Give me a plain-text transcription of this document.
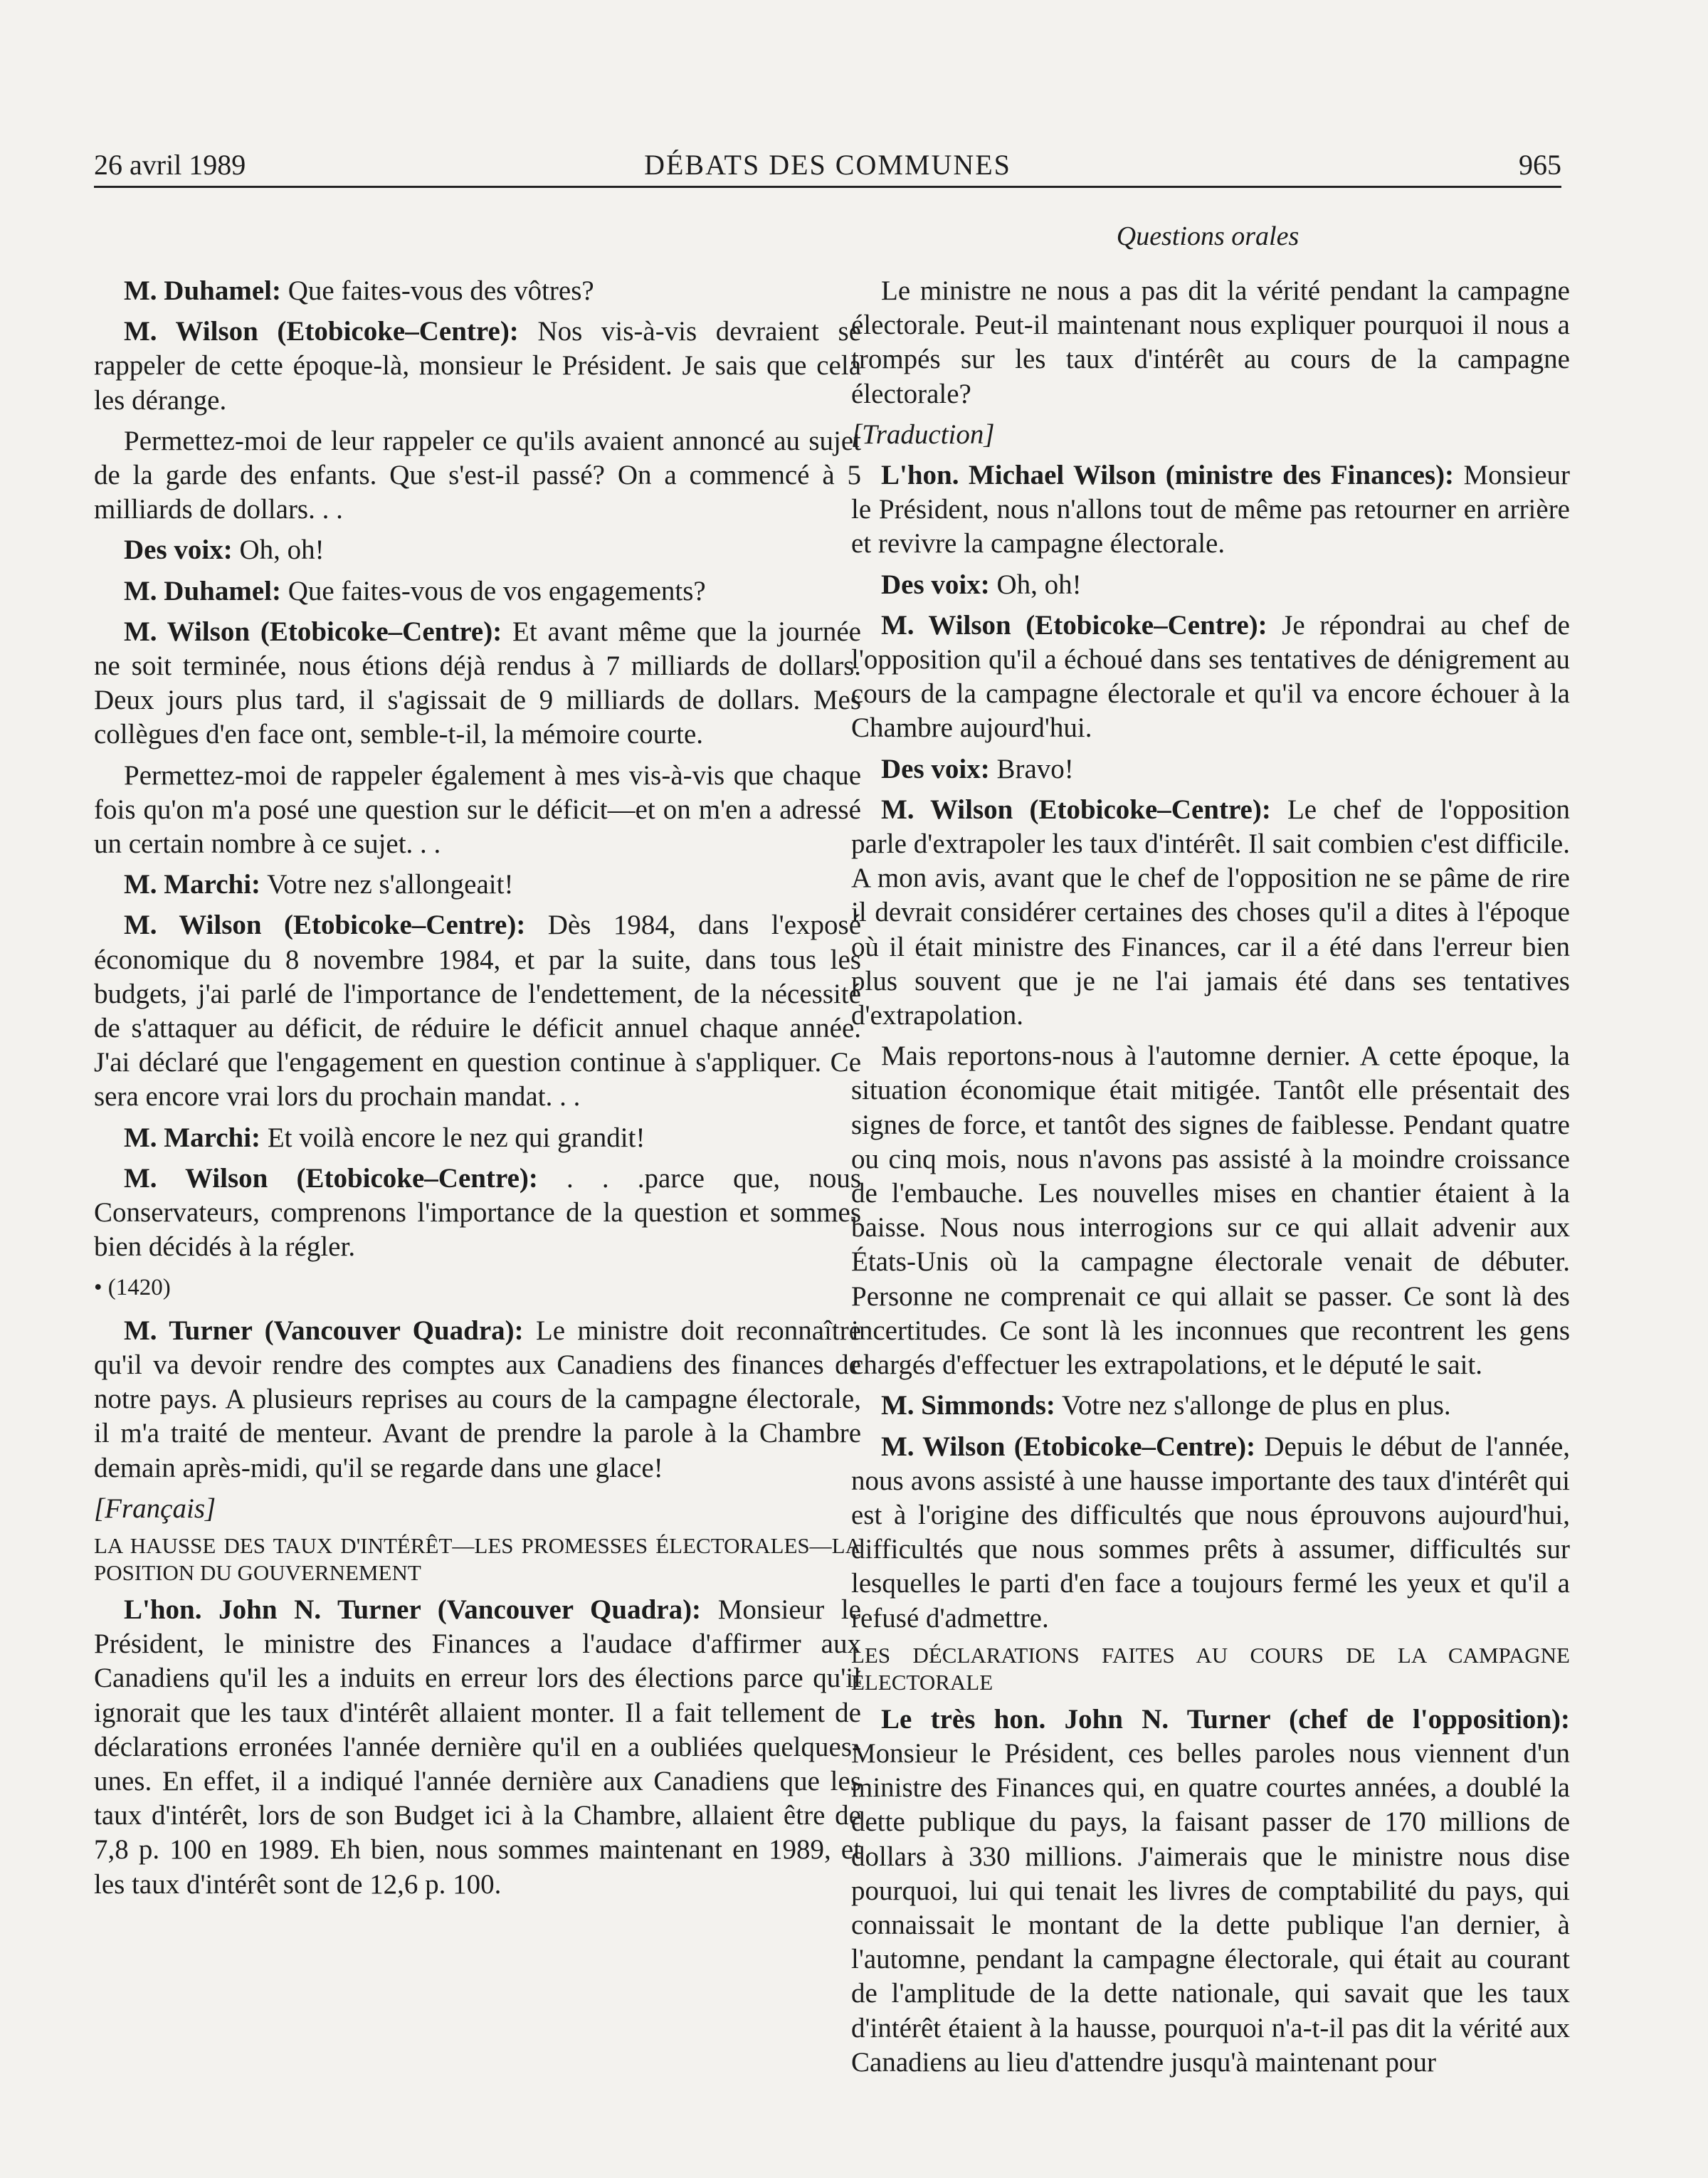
26 avril 1989	DÉBATS DES COMMUNES	965
Questions orales

M. Duhamel: Que faites-vous des vôtres?

M. Wilson (Etobicoke–Centre): Nos vis-à-vis devraient se rappeler de cette époque-là, monsieur le Président. Je sais que cela les dérange.

Permettez-moi de leur rappeler ce qu'ils avaient annoncé au sujet de la garde des enfants. Que s'est-il passé? On a commencé à 5 milliards de dollars. . .

Des voix: Oh, oh!

M. Duhamel: Que faites-vous de vos engagements?

M. Wilson (Etobicoke–Centre): Et avant même que la journée ne soit terminée, nous étions déjà rendus à 7 milliards de dollars. Deux jours plus tard, il s'agissait de 9 milliards de dollars. Mes collègues d'en face ont, semble-t-il, la mémoire courte.

Permettez-moi de rappeler également à mes vis-à-vis que chaque fois qu'on m'a posé une question sur le déficit—et on m'en a adressé un certain nombre à ce sujet. . .

M. Marchi: Votre nez s'allongeait!

M. Wilson (Etobicoke–Centre): Dès 1984, dans l'exposé économique du 8 novembre 1984, et par la suite, dans tous les budgets, j'ai parlé de l'importance de l'endettement, de la nécessité de s'attaquer au déficit, de réduire le déficit annuel chaque année. J'ai déclaré que l'engagement en question continue à s'appliquer. Ce sera encore vrai lors du prochain mandat. . .

M. Marchi: Et voilà encore le nez qui grandit!

M. Wilson (Etobicoke–Centre): . . .parce que, nous Conservateurs, comprenons l'importance de la question et sommes bien décidés à la régler.

• (1420)

M. Turner (Vancouver Quadra): Le ministre doit reconnaître qu'il va devoir rendre des comptes aux Canadiens des finances de notre pays. A plusieurs reprises au cours de la campagne électorale, il m'a traité de menteur. Avant de prendre la parole à la Chambre demain après-midi, qu'il se regarde dans une glace!

[Français]

LA HAUSSE DES TAUX D'INTÉRÊT—LES PROMESSES ÉLECTORALES—LA POSITION DU GOUVERNEMENT

L'hon. John N. Turner (Vancouver Quadra): Monsieur le Président, le ministre des Finances a l'audace d'affirmer aux Canadiens qu'il les a induits en erreur lors des élections parce qu'il ignorait que les taux d'intérêt allaient monter. Il a fait tellement de déclarations erronées l'année dernière qu'il en a oubliées quelques-unes. En effet, il a indiqué l'année dernière aux Canadiens que les taux d'intérêt, lors de son Budget ici à la Chambre, allaient être de 7,8 p. 100 en 1989. Eh bien, nous sommes maintenant en 1989, et les taux d'intérêt sont de 12,6 p. 100.

Le ministre ne nous a pas dit la vérité pendant la campagne électorale. Peut-il maintenant nous expliquer pourquoi il nous a trompés sur les taux d'intérêt au cours de la campagne électorale?

[Traduction]

L'hon. Michael Wilson (ministre des Finances): Monsieur le Président, nous n'allons tout de même pas retourner en arrière et revivre la campagne électorale.

Des voix: Oh, oh!

M. Wilson (Etobicoke–Centre): Je répondrai au chef de l'opposition qu'il a échoué dans ses tentatives de dénigrement au cours de la campagne électorale et qu'il va encore échouer à la Chambre aujourd'hui.

Des voix: Bravo!

M. Wilson (Etobicoke–Centre): Le chef de l'opposition parle d'extrapoler les taux d'intérêt. Il sait combien c'est difficile. A mon avis, avant que le chef de l'opposition ne se pâme de rire il devrait considérer certaines des choses qu'il a dites à l'époque où il était ministre des Finances, car il a été dans l'erreur bien plus souvent que je ne l'ai jamais été dans ses tentatives d'extrapolation.

Mais reportons-nous à l'automne dernier. A cette époque, la situation économique était mitigée. Tantôt elle présentait des signes de force, et tantôt des signes de faiblesse. Pendant quatre ou cinq mois, nous n'avons pas assisté à la moindre croissance de l'embauche. Les nouvelles mises en chantier étaient à la baisse. Nous nous interrogions sur ce qui allait advenir aux États-Unis où la campagne électorale venait de débuter. Personne ne comprenait ce qui allait se passer. Ce sont là des incertitudes. Ce sont là les inconnues que recontrent les gens chargés d'effectuer les extrapolations, et le député le sait.

M. Simmonds: Votre nez s'allonge de plus en plus.

M. Wilson (Etobicoke–Centre): Depuis le début de l'année, nous avons assisté à une hausse importante des taux d'intérêt qui est à l'origine des difficultés que nous éprouvons aujourd'hui, difficultés que nous sommes prêts à assumer, difficultés sur lesquelles le parti d'en face a toujours fermé les yeux et qu'il a refusé d'admettre.

LES DÉCLARATIONS FAITES AU COURS DE LA CAMPAGNE ÉLECTORALE

Le très hon. John N. Turner (chef de l'opposition): Monsieur le Président, ces belles paroles nous viennent d'un ministre des Finances qui, en quatre courtes années, a doublé la dette publique du pays, la faisant passer de 170 millions de dollars à 330 millions. J'aimerais que le ministre nous dise pourquoi, lui qui tenait les livres de comptabilité du pays, qui connaissait le montant de la dette publique l'an dernier, à l'automne, pendant la campagne électorale, qui était au courant de l'amplitude de la dette nationale, qui savait que les taux d'intérêt étaient à la hausse, pourquoi n'a-t-il pas dit la vérité aux Canadiens au lieu d'attendre jusqu'à maintenant pour
